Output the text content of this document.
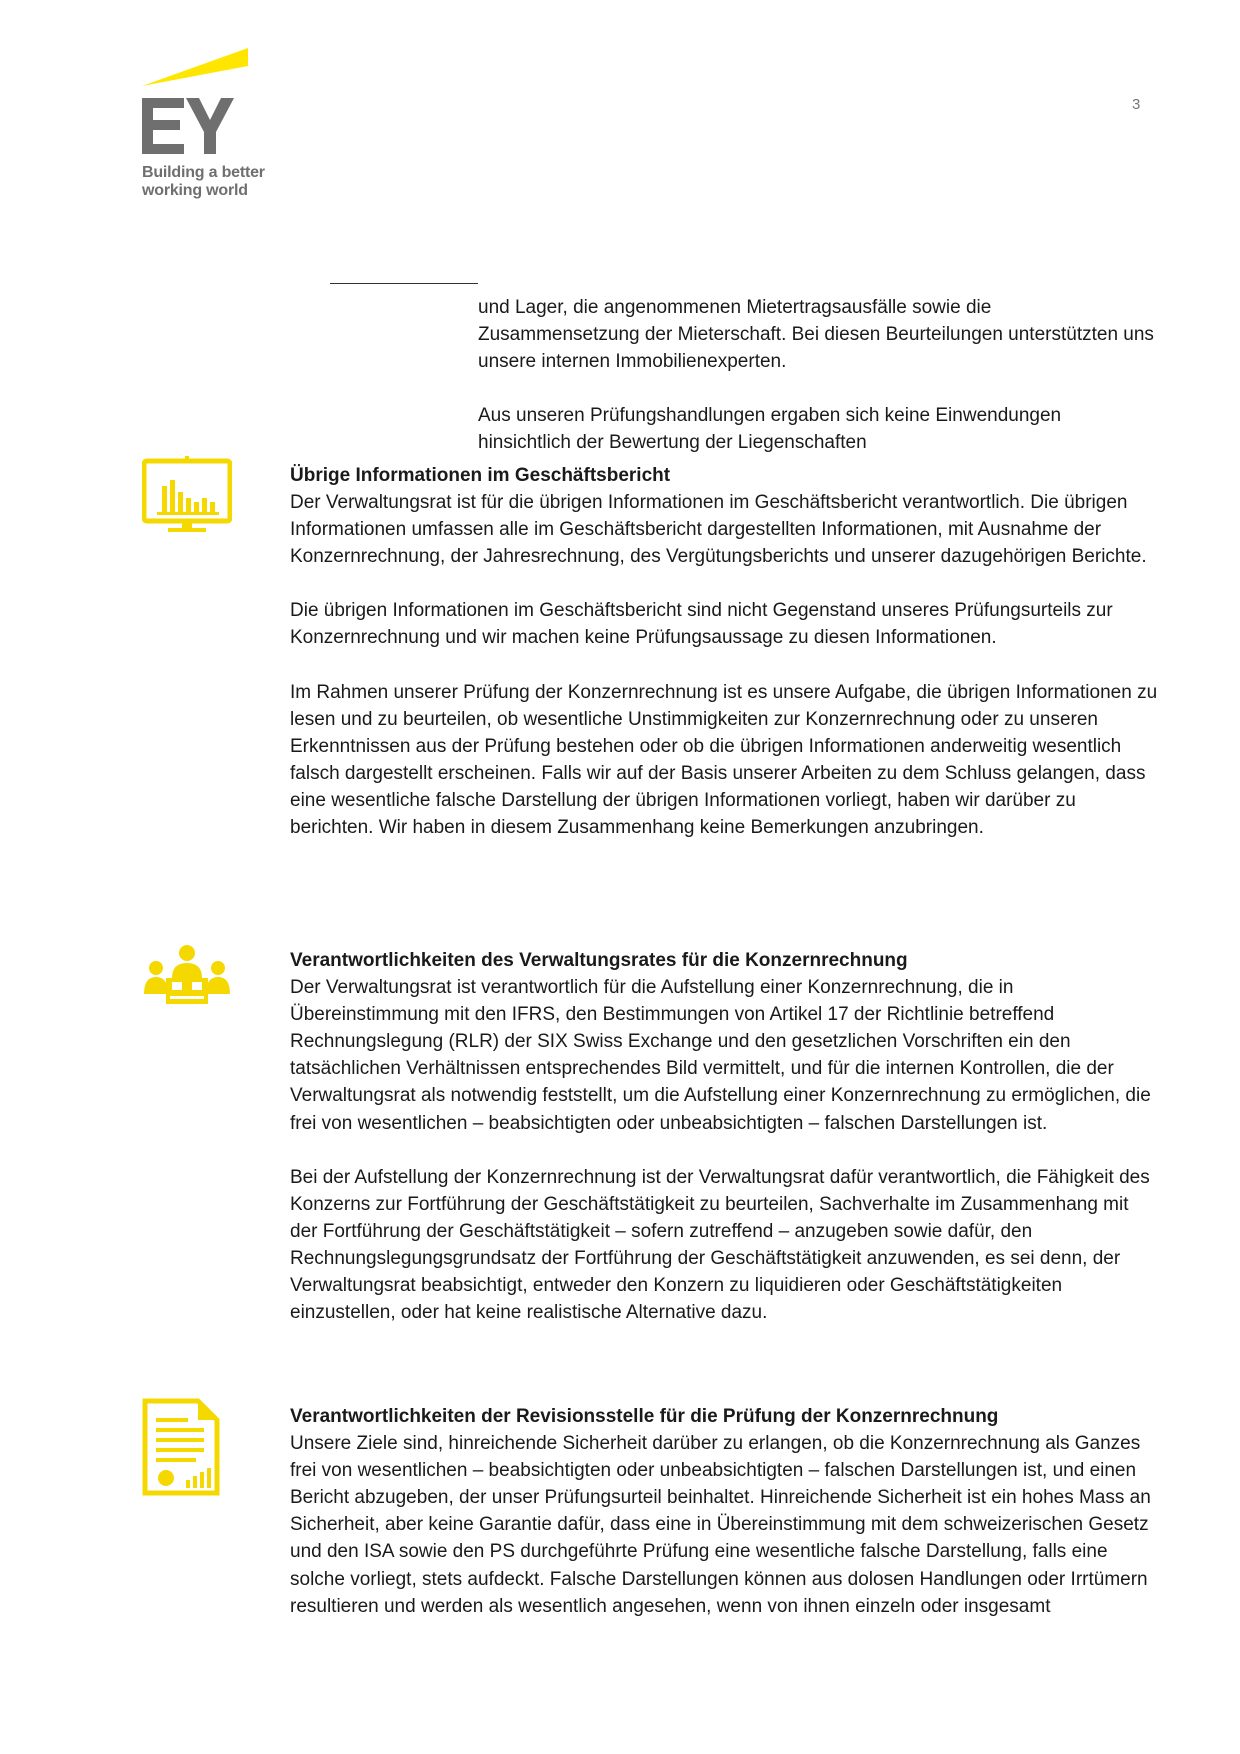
Building a better
working world
3

und Lager, die angenommenen Mietertragsausfälle sowie die Zusammensetzung der Mieterschaft. Bei diesen Beurteilungen unterstützten uns unsere internen Immobilienexperten.

Aus unseren Prüfungshandlungen ergaben sich keine Einwendungen hinsichtlich der Bewertung der Liegenschaften

Übrige Informationen im Geschäftsbericht

Der Verwaltungsrat ist für die übrigen Informationen im Geschäftsbericht verantwortlich. Die übrigen Informationen umfassen alle im Geschäftsbericht dargestellten Informationen, mit Ausnahme der Konzernrechnung, der Jahresrechnung, des Vergütungsberichts und unserer dazugehörigen Berichte.

Die übrigen Informationen im Geschäftsbericht sind nicht Gegenstand unseres Prüfungsurteils zur Konzernrechnung und wir machen keine Prüfungsaussage zu diesen Informationen.

Im Rahmen unserer Prüfung der Konzernrechnung ist es unsere Aufgabe, die übrigen Informationen zu lesen und zu beurteilen, ob wesentliche Unstimmigkeiten zur Konzernrechnung oder zu unseren Erkenntnissen aus der Prüfung bestehen oder ob die übrigen Informationen anderweitig wesentlich falsch dargestellt erscheinen. Falls wir auf der Basis unserer Arbeiten zu dem Schluss gelangen, dass eine wesentliche falsche Darstellung der übrigen Informationen vorliegt, haben wir darüber zu berichten. Wir haben in diesem Zusammenhang keine Bemerkungen anzubringen.

Verantwortlichkeiten des Verwaltungsrates für die Konzernrechnung

Der Verwaltungsrat ist verantwortlich für die Aufstellung einer Konzernrechnung, die in Übereinstimmung mit den IFRS, den Bestimmungen von Artikel 17 der Richtlinie betreffend Rechnungslegung (RLR) der SIX Swiss Exchange und den gesetzlichen Vorschriften ein den tatsächlichen Verhältnissen entsprechendes Bild vermittelt, und für die internen Kontrollen, die der Verwaltungsrat als notwendig feststellt, um die Aufstellung einer Konzernrechnung zu ermöglichen, die frei von wesentlichen – beabsichtigten oder unbeabsichtigten – falschen Darstellungen ist.

Bei der Aufstellung der Konzernrechnung ist der Verwaltungsrat dafür verantwortlich, die Fähigkeit des Konzerns zur Fortführung der Geschäftstätigkeit zu beurteilen, Sachverhalte im Zusammenhang mit der Fortführung der Geschäftstätigkeit – sofern zutreffend – anzugeben sowie dafür, den Rechnungslegungsgrundsatz der Fortführung der Geschäftstätigkeit anzuwenden, es sei denn, der Verwaltungsrat beabsichtigt, entweder den Konzern zu liquidieren oder Geschäftstätigkeiten einzustellen, oder hat keine realistische Alternative dazu.

Verantwortlichkeiten der Revisionsstelle für die Prüfung der Konzernrechnung

Unsere Ziele sind, hinreichende Sicherheit darüber zu erlangen, ob die Konzernrechnung als Ganzes frei von wesentlichen – beabsichtigten oder unbeabsichtigten – falschen Darstellungen ist, und einen Bericht abzugeben, der unser Prüfungsurteil beinhaltet. Hinreichende Sicherheit ist ein hohes Mass an Sicherheit, aber keine Garantie dafür, dass eine in Übereinstimmung mit dem schweizerischen Gesetz und den ISA sowie den PS durchgeführte Prüfung eine wesentliche falsche Darstellung, falls eine solche vorliegt, stets aufdeckt. Falsche Darstellungen können aus dolosen Handlungen oder Irrtümern resultieren und werden als wesentlich angesehen, wenn von ihnen einzeln oder insgesamt
